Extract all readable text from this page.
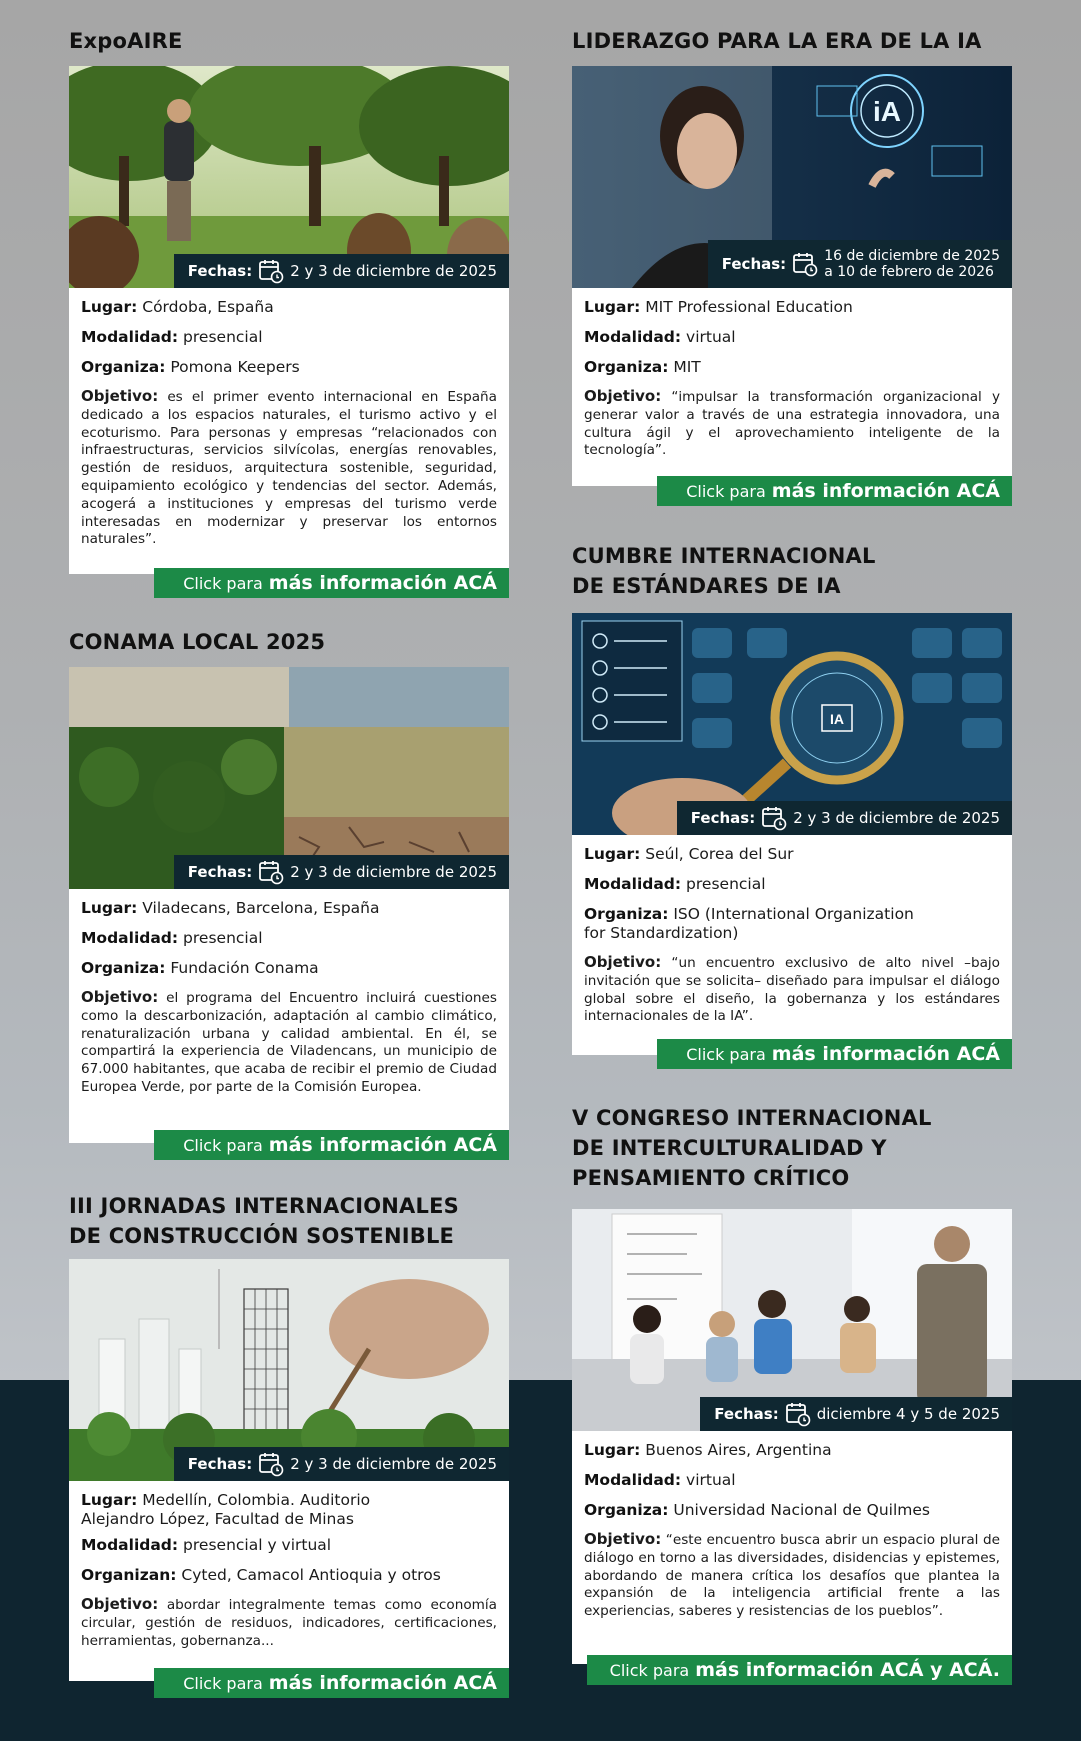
ExpoAIRE
Fechas:	2 y 3 de diciembre de 2025
Lugar: Córdoba, España
Modalidad: presencial
Organiza: Pomona Keepers
Objetivo: es el primer evento internacional en España dedicado a los espacios naturales, el turismo activo y el ecoturismo. Para personas y empresas “relacionados con infraestructuras, servicios silvícolas, energías renovables, gestión de residuos, arquitectura sostenible, seguridad, equipamiento ecológico y tendencias del sector. Además, acogerá a instituciones y empresas del turismo verde interesadas en modernizar y preservar los entornos naturales”.
Click para más información ACÁ
CONAMA LOCAL 2025
Fechas:	2 y 3 de diciembre de 2025
Lugar: Viladecans, Barcelona, España
Modalidad: presencial
Organiza: Fundación Conama
Objetivo: el programa del Encuentro incluirá cuestiones como la descarbonización, adaptación al cambio climático, renaturalización urbana y calidad ambiental. En él, se compartirá la experiencia de Viladencans, un municipio de 67.000 habitantes, que acaba de recibir el premio de Ciudad Europea Verde, por parte de la Comisión Europea.
Click para más información ACÁ
III JORNADAS INTERNACIONALES
DE CONSTRUCCIÓN SOSTENIBLE
Fechas:	2 y 3 de diciembre de 2025
Lugar: Medellín, Colombia. Auditorio
Alejandro López, Facultad de Minas
Modalidad: presencial y virtual
Organizan: Cyted, Camacol Antioquia y otros
Objetivo: abordar integralmente temas como economía circular, gestión de residuos, indicadores, certificaciones, herramientas, gobernanza...
Click para más información ACÁ
LIDERAZGO PARA LA ERA DE LA IA
iA
Fechas:	16 de diciembre de 2025
a 10 de febrero de 2026
Lugar: MIT Professional Education
Modalidad: virtual
Organiza: MIT
Objetivo: “impulsar la transformación organizacional y generar valor a través de una estrategia innovadora, una cultura ágil y el aprovechamiento inteligente de la tecnología”.
Click para más información ACÁ
CUMBRE INTERNACIONAL
DE ESTÁNDARES DE IA
IA
Fechas:	2 y 3 de diciembre de 2025
Lugar: Seúl, Corea del Sur
Modalidad: presencial
Organiza: ISO (International Organization
for Standardization)
Objetivo: “un encuentro exclusivo de alto nivel –bajo invitación que se solicita– diseñado para impulsar el diálogo global sobre el diseño, la gobernanza y los estándares internacionales de la IA”.
Click para más información ACÁ
V CONGRESO INTERNACIONAL
DE INTERCULTURALIDAD Y
PENSAMIENTO CRÍTICO
Fechas:	diciembre 4 y 5 de 2025
Lugar: Buenos Aires, Argentina
Modalidad: virtual
Organiza: Universidad Nacional de Quilmes
Objetivo: “este encuentro busca abrir un espacio plural de diálogo en torno a las diversidades, disidencias y epistemes, abordando de manera crítica los desafíos que plantea la expansión de la inteligencia artificial frente a las experiencias, saberes y resistencias de los pueblos”.
Click para más información ACÁ y ACÁ.
